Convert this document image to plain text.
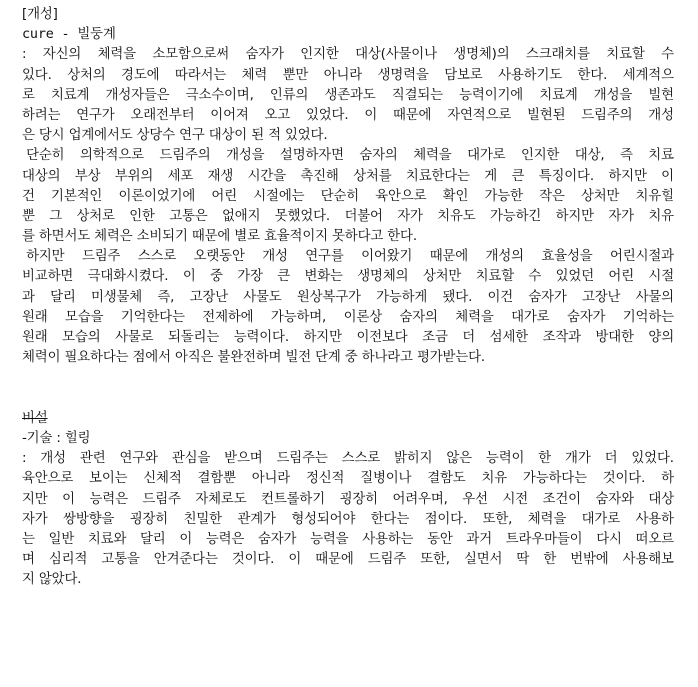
[개성]
cure - 빌둥계
: 자신의 체력을 소모함으로써 숨자가 인지한 대상(사물이나 생명체)의 스크래치를 치료할 수
있다. 상처의 경도에 따라서는 체력 뿐만 아니라 생명력을 담보로 사용하기도 한다. 세계적으
로 치료계 개성자들은 극소수이며, 인류의 생존과도 직결되는 능력이기에 치료계 개성을 빌현
하려는 연구가 오래전부터 이어져 오고 있었다. 이 때문에 자연적으로 빌현된 드림주의 개성
은 당시 업계에서도 상당수 연구 대상이 된 적 있었다.
단순히 의학적으로 드림주의 개성을 설명하자면 숨자의 체력을 대가로 인지한 대상, 즉 치료
대상의 부상 부위의 세포 재생 시간을 촉진해 상처를 치료한다는 게 큰 특징이다. 하지만 이
건 기본적인 이론이었기에 어린 시절에는 단순히 육안으로 확인 가능한 작은 상처만 치유힐
뿐 그 상처로 인한 고통은 없애지 못했었다. 더불어 자가 치유도 가능하긴 하지만 자가 치유
를 하면서도 체력은 소비되기 때문에 별로 효율적이지 못하다고 한다.
하지만 드림주 스스로 오랫동안 개성 연구를 이어왔기 때문에 개성의 효율성을 어린시절과
비교하면 극대화시켰다. 이 중 가장 큰 변화는 생명체의 상처만 치료할 수 있었던 어린 시절
과 달리 미생물체 즉, 고장난 사물도 원상복구가 가능하게 됐다. 이건 숨자가 고장난 사물의
원래 모습을 기억한다는 전제하에 가능하며, 이론상 숨자의 체력을 대가로 숨자가 기억하는
원래 모습의 사물로 되돌리는 능력이다. 하지만 이전보다 조금 더 섬세한 조작과 방대한 양의
체력이 필요하다는 점에서 아직은 불완전하며 빌전 단계 중 하나라고 평가받는다.
비설
-기술 : 힐링
: 개성 관련 연구와 관심을 받으며 드림주는 스스로 밝히지 않은 능력이 한 개가 더 있었다.
육안으로 보이는 신체적 결함뿐 아니라 정신적 질병이나 결함도 치유 가능하다는 것이다. 하
지만 이 능력은 드림주 자체로도 컨트롤하기 굉장히 어려우며, 우선 시전 조건이 숨자와 대상
자가 쌍방향을 굉장히 친밀한 관계가 형성되어야 한다는 점이다. 또한, 체력을 대가로 사용하
는 일반 치료와 달리 이 능력은 숨자가 능력을 사용하는 동안 과거 트라우마들이 다시 떠오르
며 심리적 고통을 안겨준다는 것이다. 이 때문에 드림주 또한, 실면서 딱 한 번밖에 사용해보
지 않았다.
